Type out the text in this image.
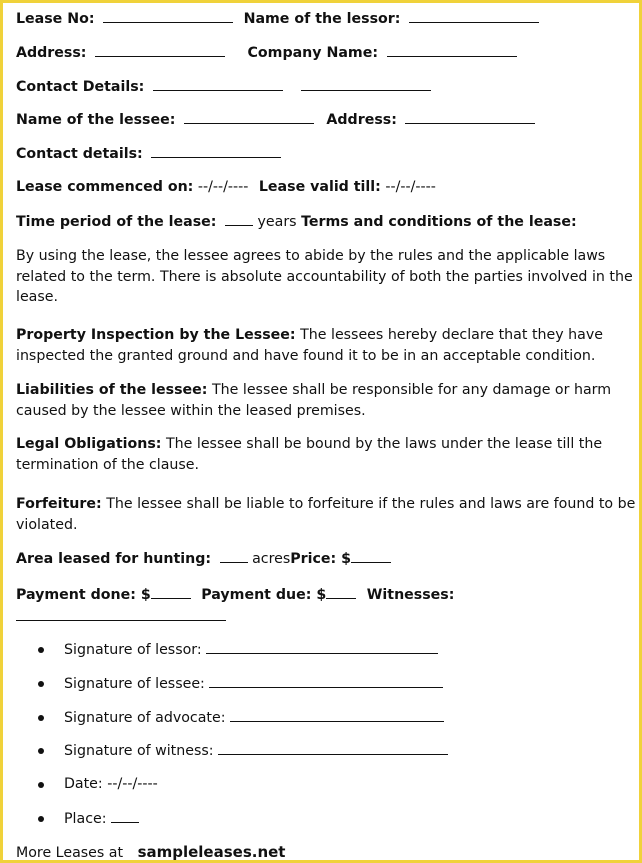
Lease No:	Name of the lessor:
Address:	Company Name:
Contact Details:
Name of the lessee:	Address:
Contact details:
Lease commenced on: --/--/---- Lease valid till: --/--/----
Time period of the lease:	years Terms and conditions of the lease:
By using the lease, the lessee agrees to abide by the rules and the applicable laws related to the term. There is absolute accountability of both the parties involved in the lease.
Property Inspection by the Lessee: The lessees hereby declare that they have inspected the granted ground and have found it to be in an acceptable condition.
Liabilities of the lessee: The lessee shall be responsible for any damage or harm caused by the lessee within the leased premises.
Legal Obligations: The lessee shall be bound by the laws under the lease till the termination of the clause.
Forfeiture: The lessee shall be liable to forfeiture if the rules and laws are found to be violated.
Area leased for hunting:	acresPrice: $
Payment done: $	Payment due: $	Witnesses:
Signature of lessor:
Signature of lessee:
Signature of advocate:
Signature of witness:
Date: --/--/----
Place:
More Leases at sampleleases.net
